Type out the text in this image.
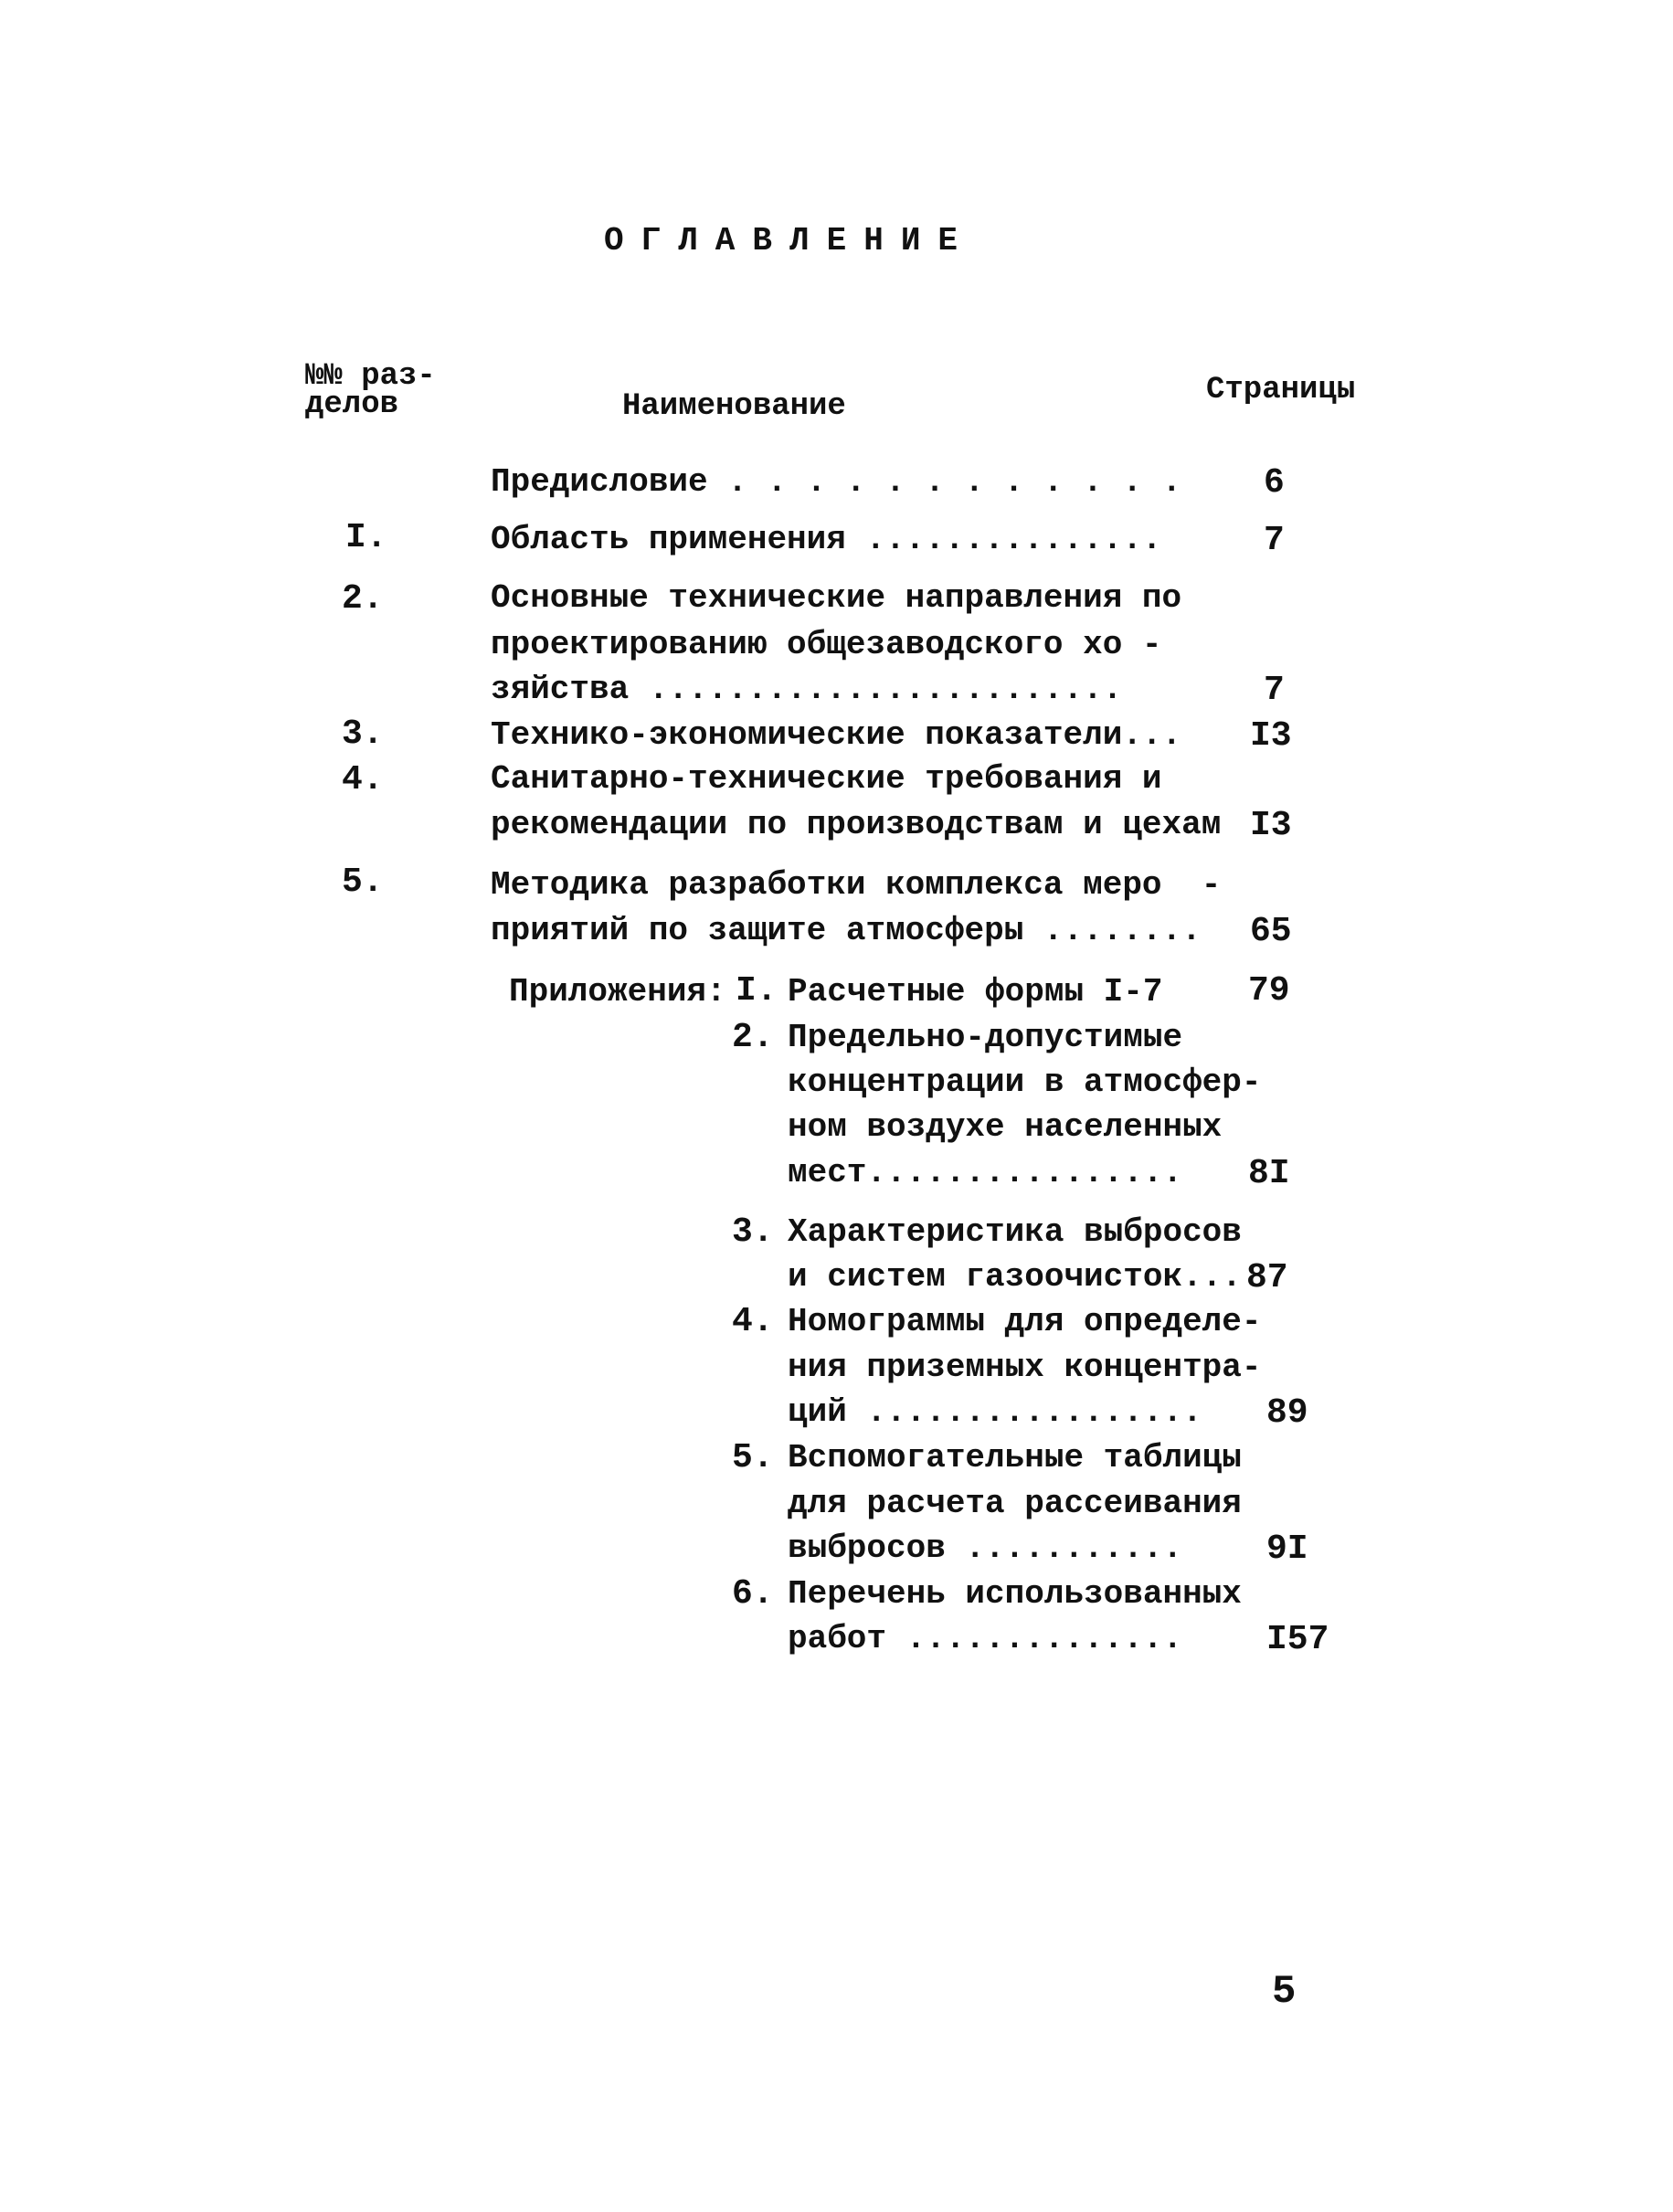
ОГЛАВЛЕНИЕ
№№ раз-
делов	Наименование	Страницы
Предисловие . . . . . . . . . . . . 6
I.	Область применения ...............	7
2.	Основные технические направления по
проектированию общезаводского хо -
зяйства ........................	7
3.	Технико-экономические показатели... I3
4.	Санитарно-технические требования и
рекомендации по производствам и цехам I3
5.	Методика разработки комплекса меро  -
приятий по защите атмосферы ........ 65
Приложения: I. Расчетные формы I-7 79
2. Предельно-допустимые
концентрации в атмосфер-
ном воздухе населенных
мест................ 8I
3. Характеристика выбросов
и систем газоочисток... 87
4. Номограммы для определе-
ния приземных концентра-
ций ................. 89
5. Вспомогательные таблицы
для расчета рассеивания
выбросов ........... 9I
6. Перечень использованных
работ .............. I57
5
